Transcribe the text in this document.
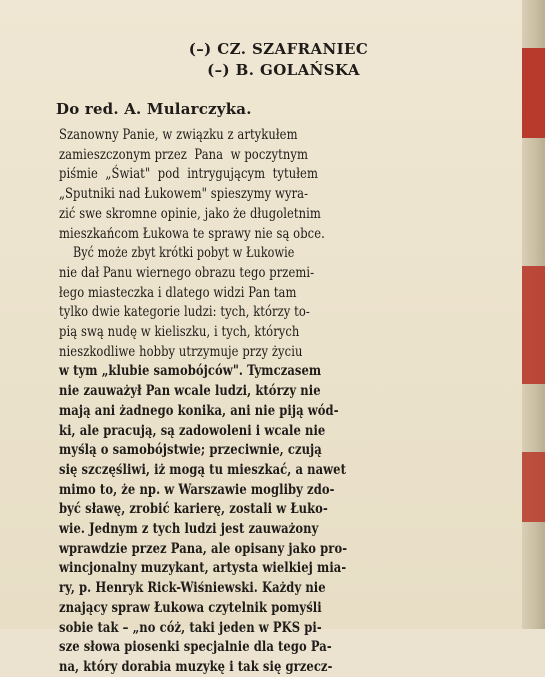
(–) CZ. SZAFRANIEC
(–) B. GOLAŃSKA
Do red. A. Mularczyka.
Szanowny Panie, w związku z artykułem
zamieszczonym przez  Pana  w poczytnym
piśmie  „Świat"  pod  intrygującym  tytułem
„Sputniki nad Łukowem" spieszymy wyra-
zić swe skromne opinie, jako że długoletnim
mieszkańcom Łukowa te sprawy nie są obce.
Być może zbyt krótki pobyt w Łukowie
nie dał Panu wiernego obrazu tego przemi-
łego miasteczka i dlatego widzi Pan tam
tylko dwie kategorie ludzi: tych, którzy to-
pią swą nudę w kieliszku, i tych, których
nieszkodliwe hobby utrzymuje przy życiu
w tym „klubie samobójców". Tymczasem
nie zauważył Pan wcale ludzi, którzy nie
mają ani żadnego konika, ani nie piją wód-
ki, ale pracują, są zadowoleni i wcale nie
myślą o samobójstwie; przeciwnie, czują
się szczęśliwi, iż mogą tu mieszkać, a nawet
mimo to, że np. w Warszawie mogliby zdo-
być sławę, zrobić karierę, zostali w Łuko-
wie. Jednym z tych ludzi jest zauważony
wprawdzie przez Pana, ale opisany jako pro-
wincjonalny muzykant, artysta wielkiej mia-
ry, p. Henryk Rick-Wiśniewski. Każdy nie
znający spraw Łukowa czytelnik pomyśli
sobie tak – „no cóż, taki jeden w PKS pi-
sze słowa piosenki specjalnie dla tego Pa-
na, który dorabia muzykę i tak się grzecz-
